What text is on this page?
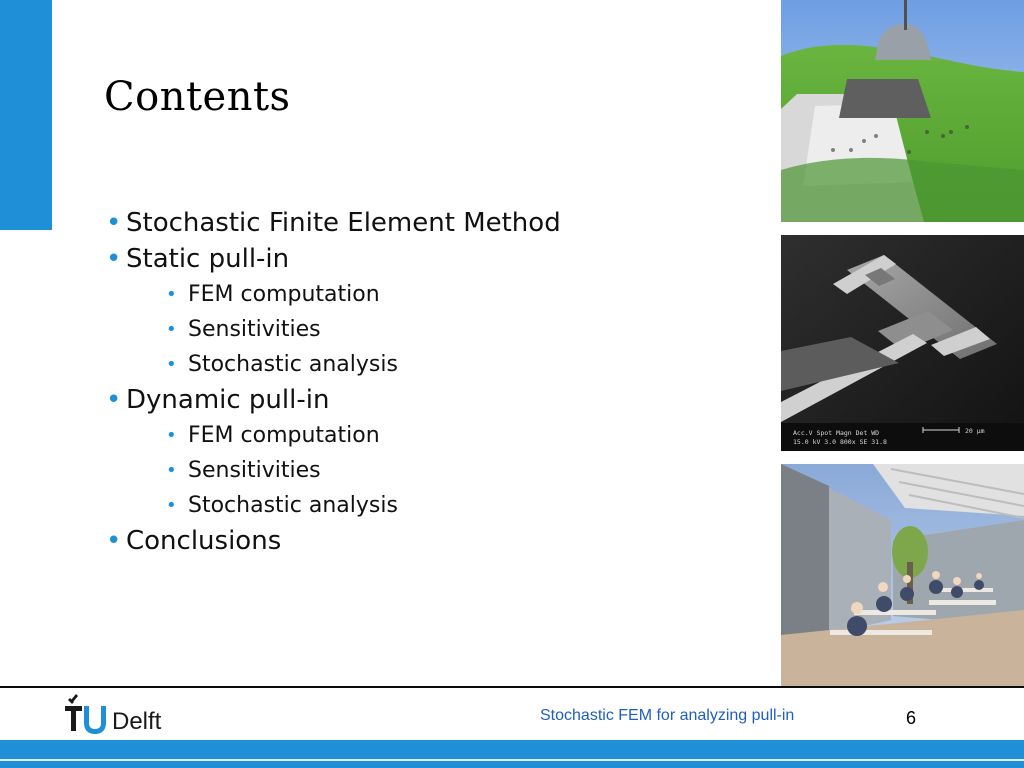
Contents
• Stochastic Finite Element Method
• Static pull-in
• FEM computation
• Sensitivities
• Stochastic analysis
• Dynamic pull-in
• FEM computation
• Sensitivities
• Stochastic analysis
• Conclusions
Acc.V Spot Magn Det WD
15.0 kV 3.0 800x SE 31.8
20 µm
Delft	Stochastic FEM for analyzing pull-in	6
